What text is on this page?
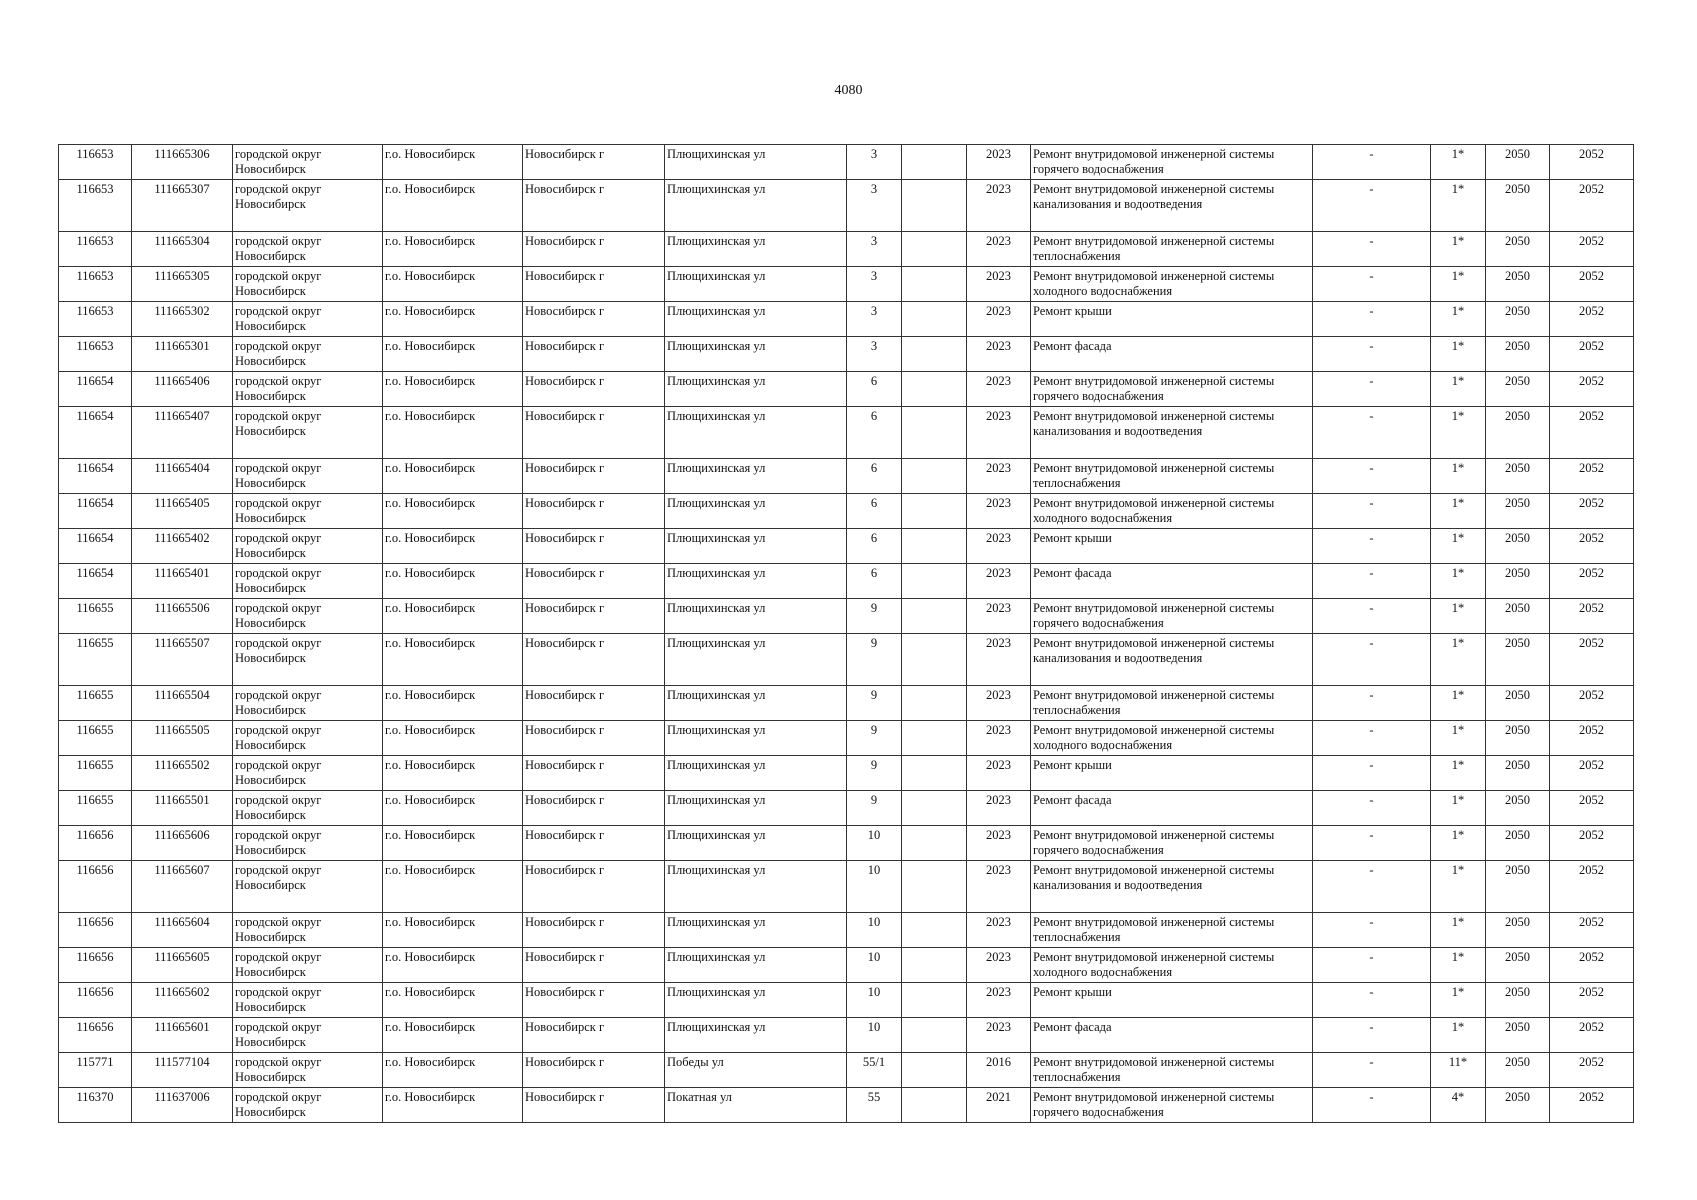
4080
116653	111665306	городской округ Новосибирск	г.о. Новосибирск	Новосибирск г	Плющихинская ул	3		2023	Ремонт внутридомовой инженерной системы горячего водоснабжения	-	1*	2050	2052
116653	111665307	городской округ Новосибирск	г.о. Новосибирск	Новосибирск г	Плющихинская ул	3		2023	Ремонт внутридомовой инженерной системы канализования и водоотведения	-	1*	2050	2052
116653	111665304	городской округ Новосибирск	г.о. Новосибирск	Новосибирск г	Плющихинская ул	3		2023	Ремонт внутридомовой инженерной системы теплоснабжения	-	1*	2050	2052
116653	111665305	городской округ Новосибирск	г.о. Новосибирск	Новосибирск г	Плющихинская ул	3		2023	Ремонт внутридомовой инженерной системы холодного водоснабжения	-	1*	2050	2052
116653	111665302	городской округ Новосибирск	г.о. Новосибирск	Новосибирск г	Плющихинская ул	3		2023	Ремонт крыши	-	1*	2050	2052
116653	111665301	городской округ Новосибирск	г.о. Новосибирск	Новосибирск г	Плющихинская ул	3		2023	Ремонт фасада	-	1*	2050	2052
116654	111665406	городской округ Новосибирск	г.о. Новосибирск	Новосибирск г	Плющихинская ул	6		2023	Ремонт внутридомовой инженерной системы горячего водоснабжения	-	1*	2050	2052
116654	111665407	городской округ Новосибирск	г.о. Новосибирск	Новосибирск г	Плющихинская ул	6		2023	Ремонт внутридомовой инженерной системы канализования и водоотведения	-	1*	2050	2052
116654	111665404	городской округ Новосибирск	г.о. Новосибирск	Новосибирск г	Плющихинская ул	6		2023	Ремонт внутридомовой инженерной системы теплоснабжения	-	1*	2050	2052
116654	111665405	городской округ Новосибирск	г.о. Новосибирск	Новосибирск г	Плющихинская ул	6		2023	Ремонт внутридомовой инженерной системы холодного водоснабжения	-	1*	2050	2052
116654	111665402	городской округ Новосибирск	г.о. Новосибирск	Новосибирск г	Плющихинская ул	6		2023	Ремонт крыши	-	1*	2050	2052
116654	111665401	городской округ Новосибирск	г.о. Новосибирск	Новосибирск г	Плющихинская ул	6		2023	Ремонт фасада	-	1*	2050	2052
116655	111665506	городской округ Новосибирск	г.о. Новосибирск	Новосибирск г	Плющихинская ул	9		2023	Ремонт внутридомовой инженерной системы горячего водоснабжения	-	1*	2050	2052
116655	111665507	городской округ Новосибирск	г.о. Новосибирск	Новосибирск г	Плющихинская ул	9		2023	Ремонт внутридомовой инженерной системы канализования и водоотведения	-	1*	2050	2052
116655	111665504	городской округ Новосибирск	г.о. Новосибирск	Новосибирск г	Плющихинская ул	9		2023	Ремонт внутридомовой инженерной системы теплоснабжения	-	1*	2050	2052
116655	111665505	городской округ Новосибирск	г.о. Новосибирск	Новосибирск г	Плющихинская ул	9		2023	Ремонт внутридомовой инженерной системы холодного водоснабжения	-	1*	2050	2052
116655	111665502	городской округ Новосибирск	г.о. Новосибирск	Новосибирск г	Плющихинская ул	9		2023	Ремонт крыши	-	1*	2050	2052
116655	111665501	городской округ Новосибирск	г.о. Новосибирск	Новосибирск г	Плющихинская ул	9		2023	Ремонт фасада	-	1*	2050	2052
116656	111665606	городской округ Новосибирск	г.о. Новосибирск	Новосибирск г	Плющихинская ул	10		2023	Ремонт внутридомовой инженерной системы горячего водоснабжения	-	1*	2050	2052
116656	111665607	городской округ Новосибирск	г.о. Новосибирск	Новосибирск г	Плющихинская ул	10		2023	Ремонт внутридомовой инженерной системы канализования и водоотведения	-	1*	2050	2052
116656	111665604	городской округ Новосибирск	г.о. Новосибирск	Новосибирск г	Плющихинская ул	10		2023	Ремонт внутридомовой инженерной системы теплоснабжения	-	1*	2050	2052
116656	111665605	городской округ Новосибирск	г.о. Новосибирск	Новосибирск г	Плющихинская ул	10		2023	Ремонт внутридомовой инженерной системы холодного водоснабжения	-	1*	2050	2052
116656	111665602	городской округ Новосибирск	г.о. Новосибирск	Новосибирск г	Плющихинская ул	10		2023	Ремонт крыши	-	1*	2050	2052
116656	111665601	городской округ Новосибирск	г.о. Новосибирск	Новосибирск г	Плющихинская ул	10		2023	Ремонт фасада	-	1*	2050	2052
115771	111577104	городской округ Новосибирск	г.о. Новосибирск	Новосибирск г	Победы ул	55/1		2016	Ремонт внутридомовой инженерной системы теплоснабжения	-	11*	2050	2052
116370	111637006	городской округ Новосибирск	г.о. Новосибирск	Новосибирск г	Покатная ул	55		2021	Ремонт внутридомовой инженерной системы горячего водоснабжения	-	4*	2050	2052
